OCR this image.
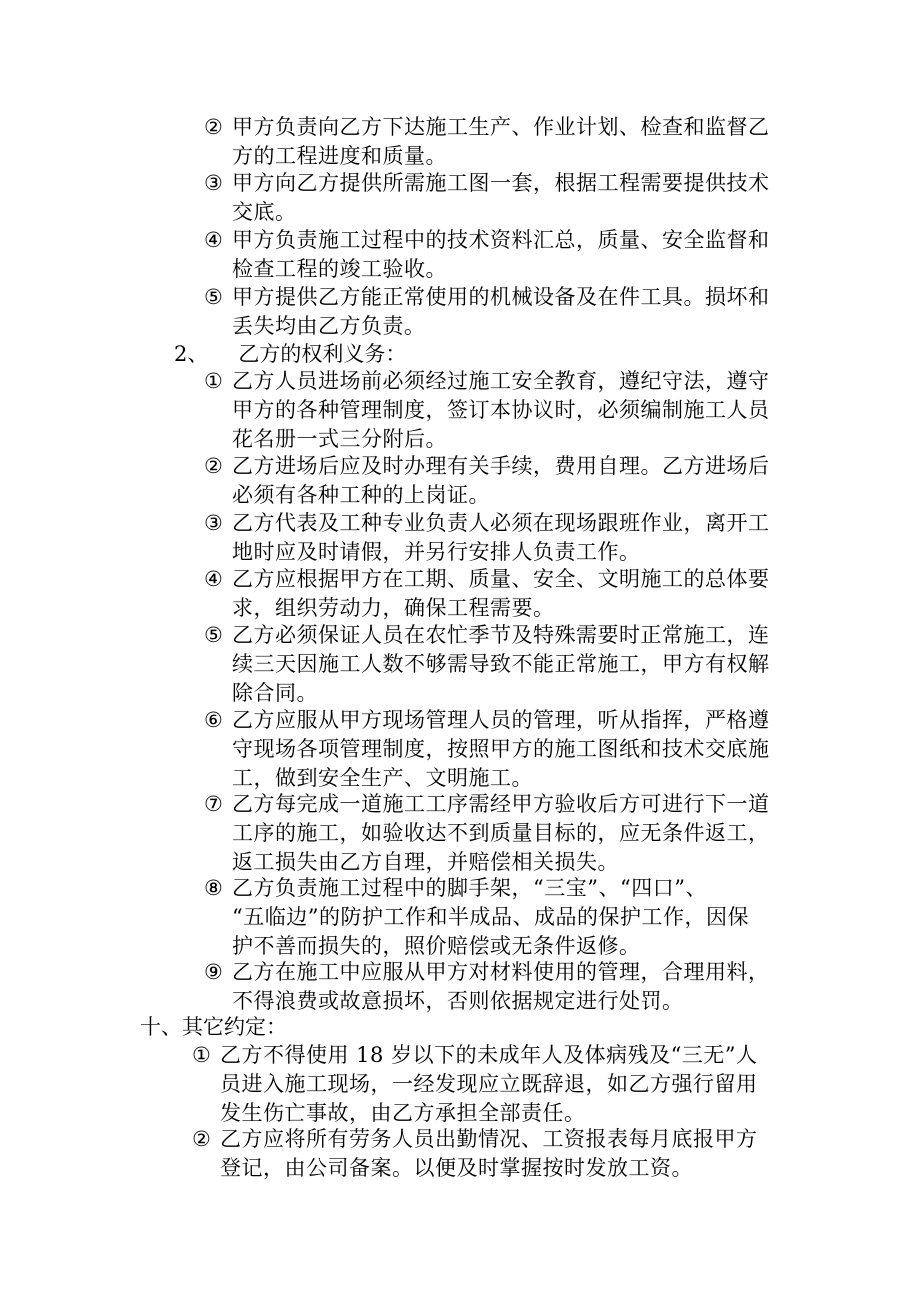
② 甲方负责向乙方下达施工生产、作业计划、检查和监督乙
方的工程进度和质量。
③ 甲方向乙方提供所需施工图一套，根据工程需要提供技术
交底。
④ 甲方负责施工过程中的技术资料汇总，质量、安全监督和
检查工程的竣工验收。
⑤ 甲方提供乙方能正常使用的机械设备及在件工具。损坏和
丢失均由乙方负责。
2、 乙方的权利义务：
① 乙方人员进场前必须经过施工安全教育，遵纪守法，遵守
甲方的各种管理制度，签订本协议时，必须编制施工人员
花名册一式三分附后。
② 乙方进场后应及时办理有关手续，费用自理。乙方进场后
必须有各种工种的上岗证。
③ 乙方代表及工种专业负责人必须在现场跟班作业，离开工
地时应及时请假，并另行安排人负责工作。
④ 乙方应根据甲方在工期、质量、安全、文明施工的总体要
求，组织劳动力，确保工程需要。
⑤ 乙方必须保证人员在农忙季节及特殊需要时正常施工，连
续三天因施工人数不够需导致不能正常施工，甲方有权解
除合同。
⑥ 乙方应服从甲方现场管理人员的管理，听从指挥，严格遵
守现场各项管理制度，按照甲方的施工图纸和技术交底施
工，做到安全生产、文明施工。
⑦ 乙方每完成一道施工工序需经甲方验收后方可进行下一道
工序的施工，如验收达不到质量目标的，应无条件返工，
返工损失由乙方自理，并赔偿相关损失。
⑧ 乙方负责施工过程中的脚手架，“三宝”、“四口”、
“五临边”的防护工作和半成品、成品的保护工作，因保
护不善而损失的，照价赔偿或无条件返修。
⑨ 乙方在施工中应服从甲方对材料使用的管理，合理用料，
不得浪费或故意损坏，否则依据规定进行处罚。
十、其它约定：
① 乙方不得使用 18 岁以下的未成年人及体病残及“三无”人
员进入施工现场，一经发现应立既辞退，如乙方强行留用
发生伤亡事故，由乙方承担全部责任。
② 乙方应将所有劳务人员出勤情况、工资报表每月底报甲方
登记，由公司备案。以便及时掌握按时发放工资。
